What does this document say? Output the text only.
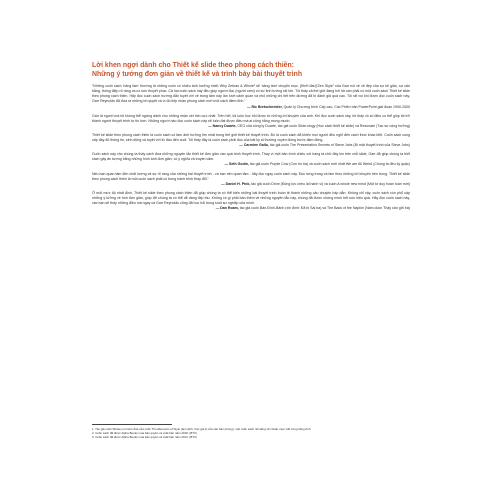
Lời khen ngợi dành cho Thiết kế slide theo phong cách thiền:
Những ý tưởng đơn giản về thiết kế và trình bày bài thuyết trình

“Những cuốn sách 'nâng tầm' thường là những cuốn có nhiều ảnh hưởng nhất; Why Zebras & Whole² sẽ 'nâng tầm' chuyên mục. [Khởi đầu]“Zen Style” của Garr nói về vẻ đẹp của sự tối giản, sự cân bằng, thông điệp rõ ràng và có sức thuyết phục. Cả hai cuốn sách này đều giúp người đọc (người xem) có sự tinh tường rất lớn. Tôi thấy cả thế giới đang hối hả cần phải có một cuốn sách Thiết kế slide theo phong cách thiền. Hãy đọc cuốn sách hướng dẫn tuyệt vời về trọng tâm này lần lượt cảnh quan và nhỏ những chi tiết trên đường đã bị đánh giá quá cao. Tôi rất vui khi được đọc cuốn sách này, Garr Reynolds đã đưa ra những lời quyết và vì đó tiếp nhận phong cách mới một cách điềm tĩnh.”

— Ric Bretschneider, Quản lý Chương trình Cấp cao, Các Phiên bản PowerPoint giai đoạn 1990-2000

Garr là người mà tôi không thể ngừng dành cho những nhận xét tích cực nhất. Trên hết, tôi luôn học hỏi được từ những lời khuyên của anh. Khi đọc cuốn sách này, tôi thấy vô số điều có thể giúp tôi trở thành người thuyết trình tự tin hơn. Những người nào đọc cuốn sách này sẽ luôn đạt được điều mà ai cũng hằng mong muốn.

— Nancy Duarte, CEO của công ty Duarte, tác giả cuốn Slide:ology (Học cách thiết kế slide) và Resonate (Tạo sự cộng hưởng)

Thiết kế slide theo phong cách thiền là cuốn sách có tầm ảnh hưởng lớn nhất trong thế giới thiết kế thuyết trình. Đó là cuốn sách đã khiến mọi người đều nghĩ đến cách thức khác biệt. Cuốn sách cung cấp đầy đủ thông tin, sinh động và tuyệt vời từ đầu đến cuối. Tôi thấy đây là cuốn sách phải đọc của bất kỳ ai thường xuyên đứng trước đám đông.

— Carmine Gallo, tác giả cuốn The Presentation Secrets of Steve Jobs (Bí mật thuyết trình của Steve Jobs)

Cuốn sách này cho chúng ta thấy cách đưa những nguyên tắc thiết kế đơn giản vào quá trình thuyết trình. Thay vì một bản trình chiếu với hàng tá chữ đầy kín trên mỗi slide, Garr đã giúp chúng ta biết cách gây ấn tượng bằng những hình ảnh đơn giản, có ý nghĩa và truyền cảm.

— Seth Godin, tác giả cuốn Purple Cow (Con bò tía) và cuốn sách mới nhất We are All Weird (Chúng ta đều kỳ quặc)

Nếu bạn quan tâm đến chất lượng và sự rõ ràng của những bài thuyết trình - và bạn nên quan tâm - hãy đọc ngay cuốn sách này. Đọc từng trang và làm theo những lời khuyên bên trong. Thiết kế slide theo phong cách thiền là một cuốn sách phải có trong hành trình thay đổi.”

— Daniel H. Pink, tác giả cuốn Drive (Động lực chèo lái hành vi) và cuốn A whole new mind (Một tư duy hoàn toàn mới)

Ở một mức độ nhất định, Thiết kế slide theo phong cách thiền đã giúp chúng ta có thể biến những bài thuyết trình buồn tẻ thành những câu chuyện hấp dẫn. Không chỉ vậy, cuốn sách còn phổ cập những ý tưởng về tính đơn giản, giúp đỡ chúng ta có thể dễ dàng tiếp thu. Không có gì phải bàn thêm về những nguyên tắc này, chúng đã được chứng minh hết sức hiệu quả. Hãy đọc cuốn sách này, các bạn sẽ thấy những điều mà ngay cả Garr Reynolds cũng đã học hỏi trong suốt sự nghiệp của mình.

— Dan Roam, tác giả cuốn Bản-Đính-Bảnh (xin đính: Đã bị Sai ba) và The Back of the Napkin (Nam dòcn Thấy cần gửi bá)

1. Tác giả cuốn Whole not Cars đưa của cuốn The Elements of Style (tạm dịch: Các giá trị của văn bản phong), một cuốn sách nổi tiếng về chuẩn mực viết trong tiếng Anh.

2. Cuốn sách đã được Alpha Books mua bản quyền và xuất bản năm 2018. (BTV)

3. Cuốn sách đã được Alpha Books mua bản quyền và xuất bản năm 2013. (BTV)
